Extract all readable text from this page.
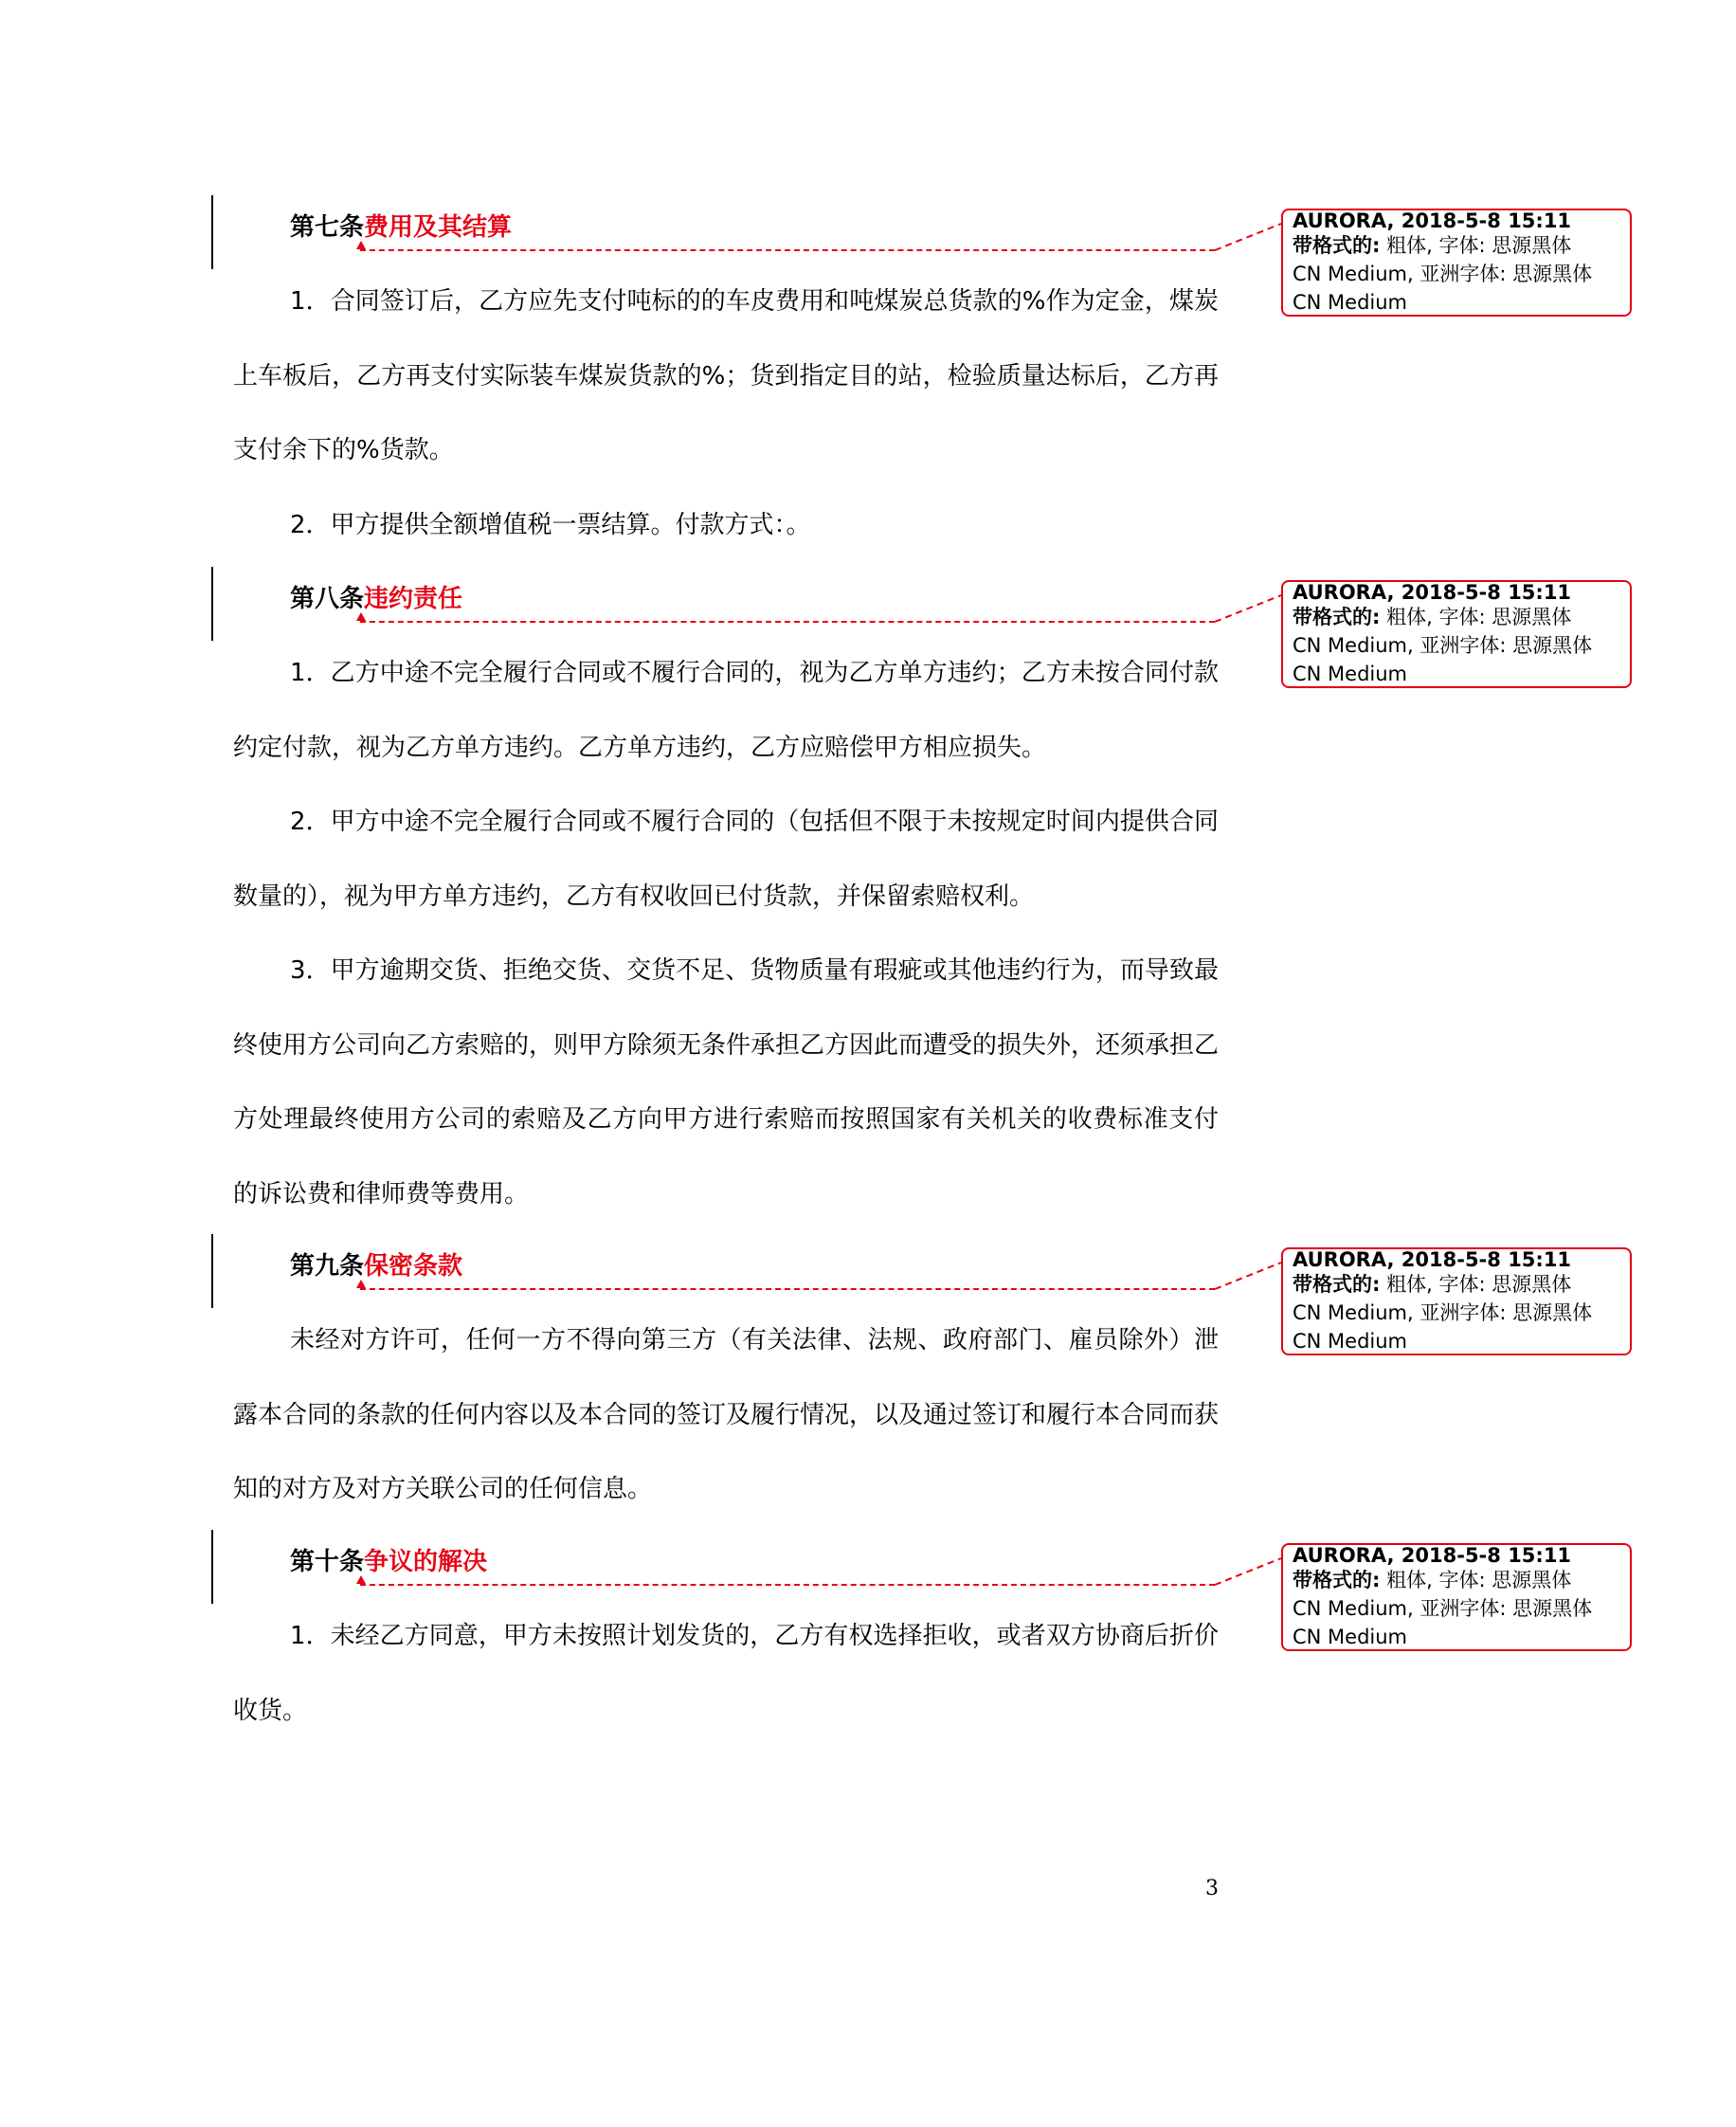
第七条费用及其结算
1．合同签订后，乙方应先支付吨标的的车皮费用和吨煤炭总货款的%作为定金，煤炭
上车板后，乙方再支付实际装车煤炭货款的%；货到指定目的站，检验质量达标后，乙方再
支付余下的%货款。
2．甲方提供全额增值税一票结算。付款方式：。
第八条违约责任
1．乙方中途不完全履行合同或不履行合同的，视为乙方单方违约；乙方未按合同付款
约定付款，视为乙方单方违约。乙方单方违约，乙方应赔偿甲方相应损失。
2．甲方中途不完全履行合同或不履行合同的（包括但不限于未按规定时间内提供合同
数量的），视为甲方单方违约，乙方有权收回已付货款，并保留索赔权利。
3．甲方逾期交货、拒绝交货、交货不足、货物质量有瑕疵或其他违约行为，而导致最
终使用方公司向乙方索赔的，则甲方除须无条件承担乙方因此而遭受的损失外，还须承担乙
方处理最终使用方公司的索赔及乙方向甲方进行索赔而按照国家有关机关的收费标准支付
的诉讼费和律师费等费用。
第九条保密条款
未经对方许可，任何一方不得向第三方（有关法律、法规、政府部门、雇员除外）泄
露本合同的条款的任何内容以及本合同的签订及履行情况，以及通过签订和履行本合同而获
知的对方及对方关联公司的任何信息。
第十条争议的解决
1．未经乙方同意，甲方未按照计划发货的，乙方有权选择拒收，或者双方协商后折价
收货。
AURORA, 2018-5-8 15:11
带格式的: 粗体, 字体: 思源黑体
CN Medium, 亚洲字体: 思源黑体
CN Medium
AURORA, 2018-5-8 15:11
带格式的: 粗体, 字体: 思源黑体
CN Medium, 亚洲字体: 思源黑体
CN Medium
AURORA, 2018-5-8 15:11
带格式的: 粗体, 字体: 思源黑体
CN Medium, 亚洲字体: 思源黑体
CN Medium
AURORA, 2018-5-8 15:11
带格式的: 粗体, 字体: 思源黑体
CN Medium, 亚洲字体: 思源黑体
CN Medium
3
